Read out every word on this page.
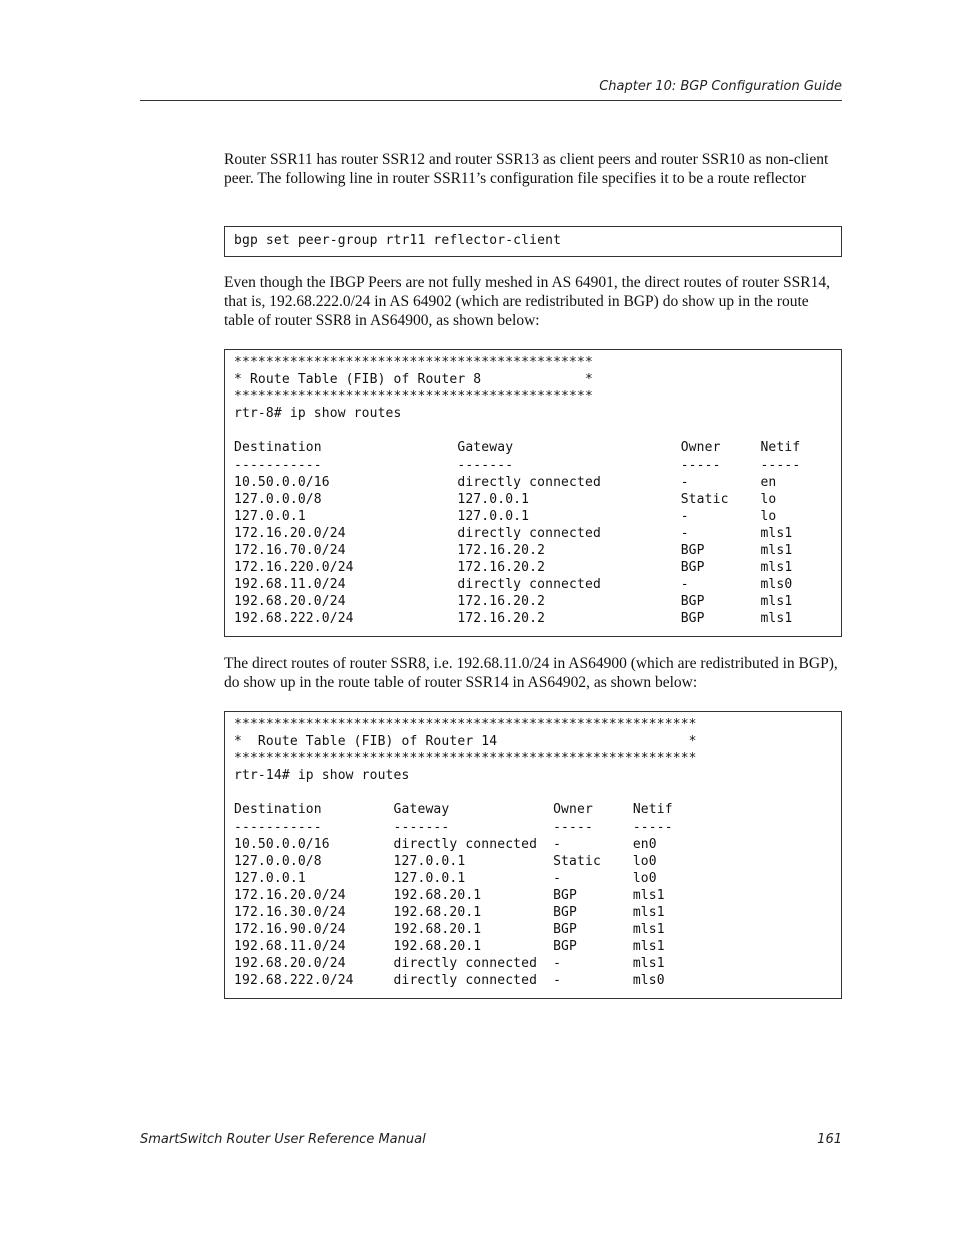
Chapter 10: BGP Configuration Guide

Router SSR11 has router SSR12 and router SSR13 as client peers and router SSR10 as non-client peer. The following line in router SSR11’s configuration file specifies it to be a route reflector

bgp set peer-group rtr11 reflector-client

Even though the IBGP Peers are not fully meshed in AS 64901, the direct routes of router SSR14, that is, 192.68.222.0/24 in AS 64902 (which are redistributed in BGP) do show up in the route table of router SSR8 in AS64900, as shown below:

*********************************************
* Route Table (FIB) of Router 8             *
*********************************************
rtr-8# ip show routes

Destination                 Gateway                     Owner     Netif
-----------                 -------                     -----     -----
10.50.0.0/16                directly connected          -         en
127.0.0.0/8                 127.0.0.1                   Static    lo
127.0.0.1                   127.0.0.1                   -         lo
172.16.20.0/24              directly connected          -         mls1
172.16.70.0/24              172.16.20.2                 BGP       mls1
172.16.220.0/24             172.16.20.2                 BGP       mls1
192.68.11.0/24              directly connected          -         mls0
192.68.20.0/24              172.16.20.2                 BGP       mls1
192.68.222.0/24             172.16.20.2                 BGP       mls1

The direct routes of router SSR8, i.e. 192.68.11.0/24 in AS64900 (which are redistributed in BGP), do show up in the route table of router SSR14 in AS64902, as shown below:

**********************************************************
*  Route Table (FIB) of Router 14                        *
**********************************************************
rtr-14# ip show routes

Destination         Gateway             Owner     Netif
-----------         -------             -----     -----
10.50.0.0/16        directly connected  -         en0
127.0.0.0/8         127.0.0.1           Static    lo0
127.0.0.1           127.0.0.1           -         lo0
172.16.20.0/24      192.68.20.1         BGP       mls1
172.16.30.0/24      192.68.20.1         BGP       mls1
172.16.90.0/24      192.68.20.1         BGP       mls1
192.68.11.0/24      192.68.20.1         BGP       mls1
192.68.20.0/24      directly connected  -         mls1
192.68.222.0/24     directly connected  -         mls0
SmartSwitch Router User Reference Manual	161
